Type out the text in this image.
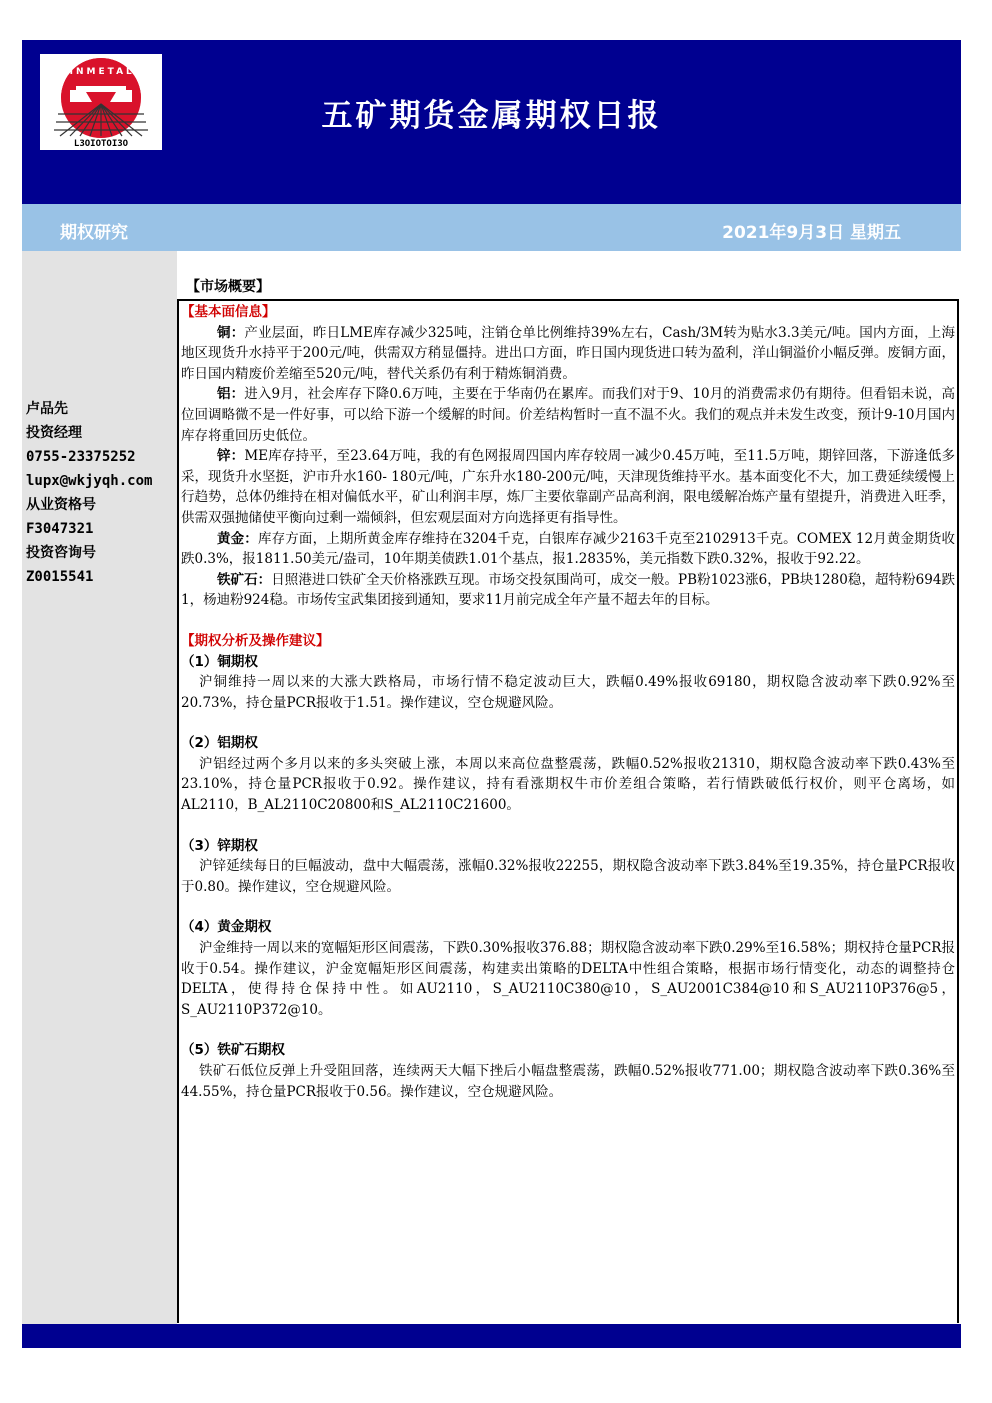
MINMETALS
L3OIOTOI3O
五矿期货金属期权日报
期权研究	2021年9月3日 星期五
卢品先
投资经理
0755-23375252
lupx@wkjyqh.com
从业资格号
F3047321
投资咨询号
Z0015541
【市场概要】

【基本面信息】

铜：产业层面，昨日LME库存减少325吨，注销仓单比例维持39%左右，Cash/3M转为贴水3.3美元/吨。国内方面，上海地区现货升水持平于200元/吨，供需双方稍显僵持。进出口方面，昨日国内现货进口转为盈利，洋山铜溢价小幅反弹。废铜方面，昨日国内精废价差缩至520元/吨，替代关系仍有利于精炼铜消费。

铝：进入9月，社会库存下降0.6万吨，主要在于华南仍在累库。而我们对于9、10月的消费需求仍有期待。但看铝未说，高位回调略微不是一件好事，可以给下游一个缓解的时间。价差结构暂时一直不温不火。我们的观点并未发生改变，预计9-10月国内库存将重回历史低位。

锌：ME库存持平，至23.64万吨，我的有色网报周四国内库存较周一减少0.45万吨，至11.5万吨，期锌回落，下游逢低多采，现货升水坚挺，沪市升水160- 180元/吨，广东升水180-200元/吨，天津现货维持平水。基本面变化不大，加工费延续缓慢上行趋势，总体仍维持在相对偏低水平，矿山利润丰厚，炼厂主要依靠副产品高利润，限电缓解冶炼产量有望提升，消费进入旺季，供需双强抛储使平衡向过剩一端倾斜，但宏观层面对方向选择更有指导性。

黄金：库存方面，上期所黄金库存维持在3204千克，白银库存减少2163千克至2102913千克。COMEX 12月黄金期货收跌0.3%，报1811.50美元/盎司，10年期美债跌1.01个基点，报1.2835%，美元指数下跌0.32%，报收于92.22。

铁矿石：日照港进口铁矿全天价格涨跌互现。市场交投氛围尚可，成交一般。PB粉1023涨6，PB块1280稳，超特粉694跌1，杨迪粉924稳。市场传宝武集团接到通知，要求11月前完成全年产量不超去年的目标。

【期权分析及操作建议】

（1）铜期权

沪铜维持一周以来的大涨大跌格局，市场行情不稳定波动巨大，跌幅0.49%报收69180，期权隐含波动率下跌0.92%至20.73%，持仓量PCR报收于1.51。操作建议，空仓规避风险。

（2）铝期权

沪铝经过两个多月以来的多头突破上涨，本周以来高位盘整震荡，跌幅0.52%报收21310，期权隐含波动率下跌0.43%至23.10%，持仓量PCR报收于0.92。操作建议，持有看涨期权牛市价差组合策略，若行情跌破低行权价，则平仓离场，如AL2110，B_AL2110C20800和S_AL2110C21600。

（3）锌期权

沪锌延续每日的巨幅波动，盘中大幅震荡，涨幅0.32%报收22255，期权隐含波动率下跌3.84%至19.35%，持仓量PCR报收于0.80。操作建议，空仓规避风险。

（4）黄金期权

沪金维持一周以来的宽幅矩形区间震荡，下跌0.30%报收376.88；期权隐含波动率下跌0.29%至16.58%；期权持仓量PCR报收于0.54。操作建议，沪金宽幅矩形区间震荡，构建卖出策略的DELTA中性组合策略，根据市场行情变化，动态的调整持仓DELTA，使得持仓保持中性。如AU2110，S_AU2110C380@10，S_AU2001C384@10和S_AU2110P376@5，S_AU2110P372@10。

（5）铁矿石期权

铁矿石低位反弹上升受阻回落，连续两天大幅下挫后小幅盘整震荡，跌幅0.52%报收771.00；期权隐含波动率下跌0.36%至44.55%，持仓量PCR报收于0.56。操作建议，空仓规避风险。
